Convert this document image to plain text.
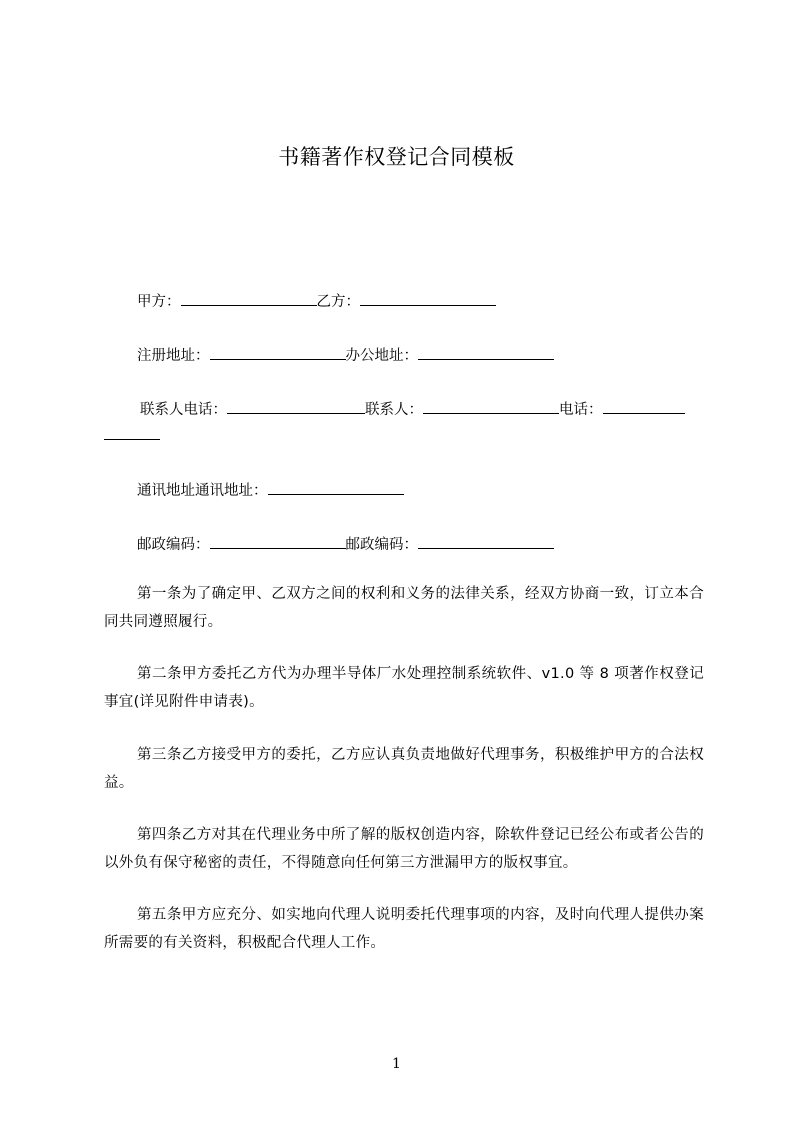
书籍著作权登记合同模板
甲方：	乙方：
注册地址：	办公地址：
联系人电话：	联系人：	电话：
通讯地址通讯地址：
邮政编码：	邮政编码：
第一条为了确定甲、乙双方之间的权利和义务的法律关系，经双方协商一致，订立本合同共同遵照履行。
第二条甲方委托乙方代为办理半导体厂水处理控制系统软件、v1.0 等 8 项著作权登记事宜(详见附件申请表)。
第三条乙方接受甲方的委托，乙方应认真负责地做好代理事务，积极维护甲方的合法权益。
第四条乙方对其在代理业务中所了解的版权创造内容，除软件登记已经公布或者公告的以外负有保守秘密的责任，不得随意向任何第三方泄漏甲方的版权事宜。
第五条甲方应充分、如实地向代理人说明委托代理事项的内容，及时向代理人提供办案所需要的有关资料，积极配合代理人工作。
1
